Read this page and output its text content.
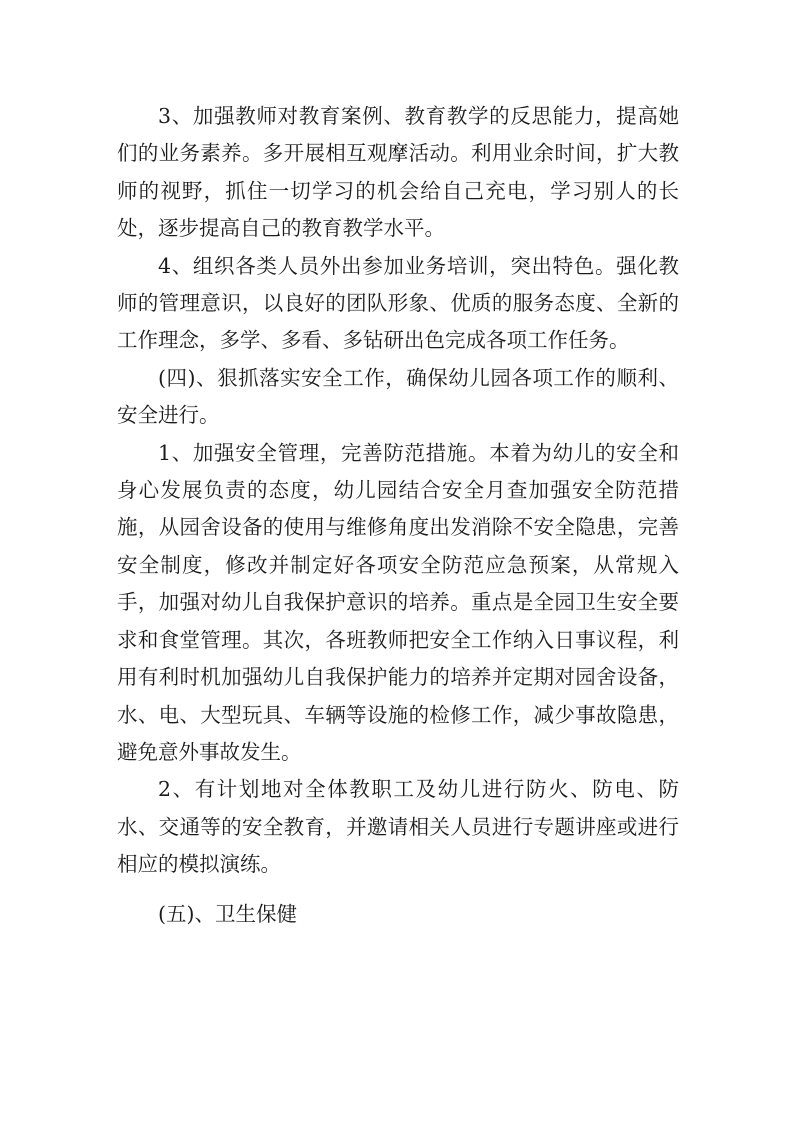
3、加强教师对教育案例、教育教学的反思能力，提高她们的业务素养。多开展相互观摩活动。利用业余时间，扩大教师的视野，抓住一切学习的机会给自己充电，学习别人的长处，逐步提高自己的教育教学水平。

4、组织各类人员外出参加业务培训，突出特色。强化教师的管理意识，以良好的团队形象、优质的服务态度、全新的工作理念，多学、多看、多钻研出色完成各项工作任务。

(四)、狠抓落实安全工作，确保幼儿园各项工作的顺利、安全进行。

1、加强安全管理，完善防范措施。本着为幼儿的安全和身心发展负责的态度，幼儿园结合安全月查加强安全防范措施，从园舍设备的使用与维修角度出发消除不安全隐患，完善安全制度，修改并制定好各项安全防范应急预案，从常规入手，加强对幼儿自我保护意识的培养。重点是全园卫生安全要求和食堂管理。其次，各班教师把安全工作纳入日事议程，利用有利时机加强幼儿自我保护能力的培养并定期对园舍设备，水、电、大型玩具、车辆等设施的检修工作，减少事故隐患，避免意外事故发生。

2、有计划地对全体教职工及幼儿进行防火、防电、防水、交通等的安全教育，并邀请相关人员进行专题讲座或进行相应的模拟演练。

(五)、卫生保健
